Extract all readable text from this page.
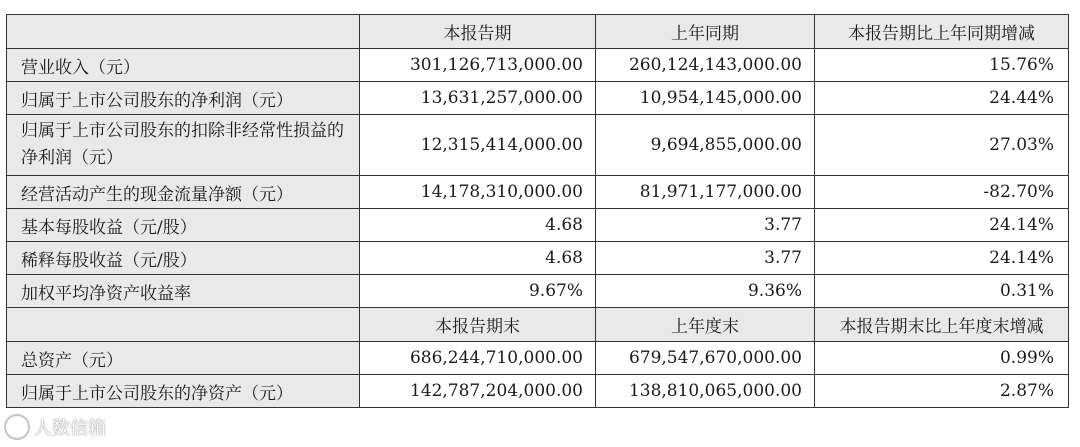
	本报告期	上年同期	本报告期比上年同期增减
营业收入（元）	301,126,713,000.00	260,124,143,000.00	15.76%
归属于上市公司股东的净利润（元）	13,631,257,000.00	10,954,145,000.00	24.44%

归属于上市公司股东的扣除非经常性损益的净利润（元）	12,315,414,000.00	9,694,855,000.00	27.03%
经营活动产生的现金流量净额（元）	14,178,310,000.00	81,971,177,000.00	-82.70%
基本每股收益（元/股）	4.68	3.77	24.14%
稀释每股收益（元/股）	4.68	3.77	24.14%
加权平均净资产收益率	9.67%	9.36%	0.31%
	本报告期末	上年度末	本报告期末比上年度末增减
总资产（元）	686,244,710,000.00	679,547,670,000.00	0.99%
归属于上市公司股东的净资产（元）	142,787,204,000.00	138,810,065,000.00	2.87%
人数信箱
